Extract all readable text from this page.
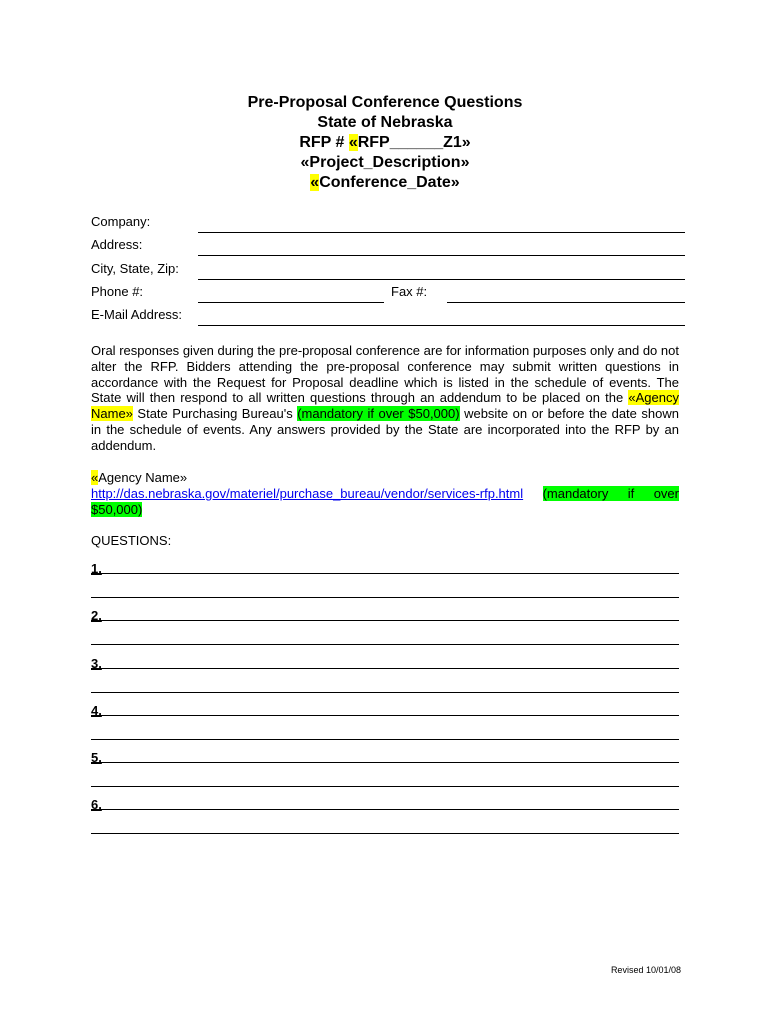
Pre-Proposal Conference Questions
State of Nebraska
RFP # «RFP______Z1»
«Project_Description»
«Conference_Date»
Company:
Address:
City, State, Zip:
Phone #:	Fax #:
E-Mail Address:
Oral responses given during the pre-proposal conference are for information purposes only and do not alter the RFP. Bidders attending the pre-proposal conference may submit written questions in accordance with the Request for Proposal deadline which is listed in the schedule of events. The State will then respond to all written questions through an addendum to be placed on the «Agency Name» State Purchasing Bureau's (mandatory if over $50,000) website on or before the date shown in the schedule of events. Any answers provided by the State are incorporated into the RFP by an addendum.
«Agency Name»
http://das.nebraska.gov/materiel/purchase_bureau/vendor/services-rfp.html (mandatory if over $50,000)
QUESTIONS:
1.
2.
3.
4.
5.
6.
Revised 10/01/08
